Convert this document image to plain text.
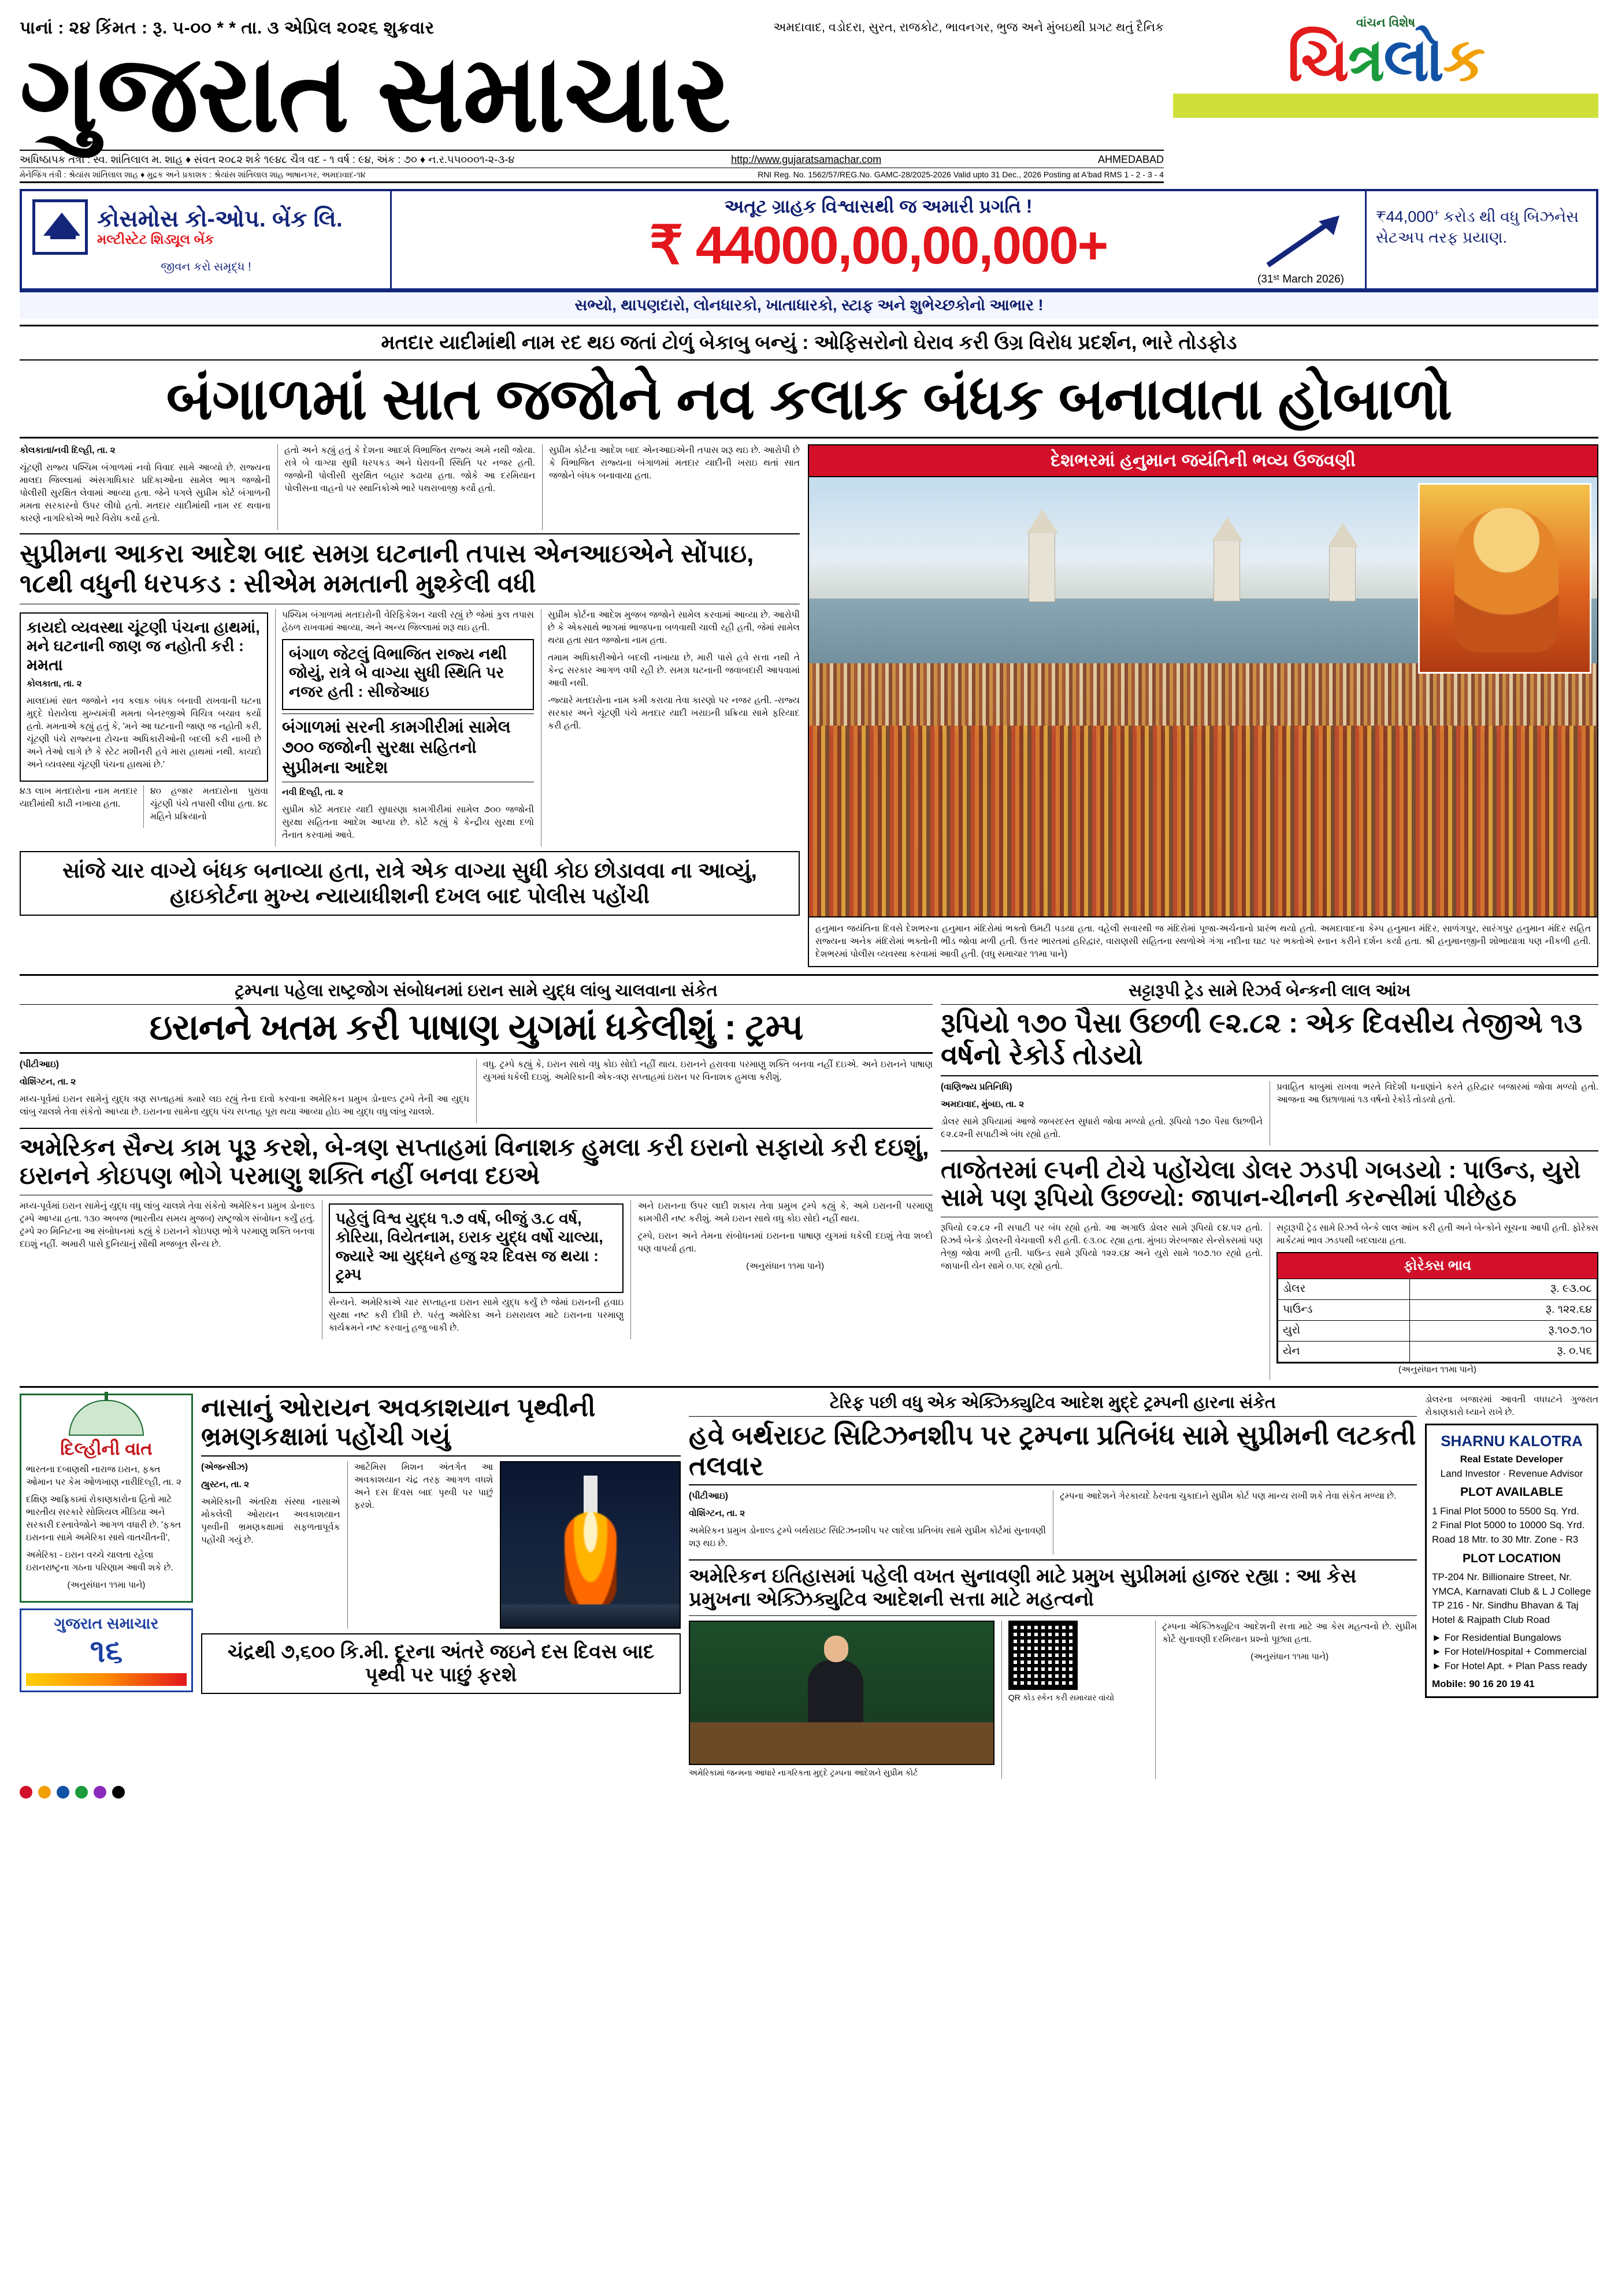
પાનાં : ૨૪ કિંમત : રૂ. ૫-૦૦ * * તા. ૩ એપ્રિલ ૨૦૨૬ શુક્રવાર	અમદાવાદ, વડોદરા, સુરત, રાજકોટ, ભાવનગર, ભુજ અને મુંબઇથી પ્રગટ થતું દૈનિક
ગુજરાત સમાચાર
અધિષ્ઠાપક તંત્રી : સ્વ. શાંતિલાલ મ. શાહ ♦ સંવત ૨૦૮૨ શકે ૧૯૪૮ ચૈત્ર વદ - ૧ વર્ષ : ૯૪, અંક : ૭૦ ♦ ન.ર.૫૫૦૦૦૧-૨-૩-૪	http://www.gujaratsamachar.com	AHMEDABAD
મેનેજિંગ તંત્રી : શ્રેયાંસ શાંતિલાલ શાહ ♦ મુદ્રક અને પ્રકાશક : શ્રેયાંસ શાંતિલાલ શાહ ભાષાનગર, અમદાવાદ-૧૪	RNI Reg. No. 1562/57/REG.No. GAMC-28/2025-2026 Valid upto 31 Dec., 2026 Posting at A'bad RMS 1 - 2 - 3 - 4
વાંચન વિશેષ
ચિત્રલોક
કોસમોસ કો-ઓપ. બેંક લિ.
મલ્ટીસ્ટેટ શિડ્યૂલ બેંક
જીવન કરો સમૃદ્ધ !
અતૂટ ગ્રાહક વિશ્વાસથી જ અમારી પ્રગતિ !
₹ 44000,00,00,000+
(31ˢᵗ March 2026)
₹44,000⁺ કરોડ થી વધુ બિઝનેસ સેટઅપ તરફ પ્રયાણ.
સભ્યો, થાપણદારો, લોનધારકો, ખાતાધારકો, સ્ટાફ અને શુભેચ્છકોનો આભાર !
મતદાર યાદીમાંથી નામ રદ થઇ જતાં ટોળું બેકાબુ બન્યું : ઓફિસરોનો ઘેરાવ કરી ઉગ્ર વિરોધ પ્રદર્શન, ભારે તોડફોડ
બંગાળમાં સાત જજોને નવ કલાક બંધક બનાવાતા હોબાળો

કોલકાતા/નવી દિલ્હી, તા. ૨

ચૂંટણી રાજ્ય પશ્ચિમ બંગાળમાં નવો વિવાદ સામે આવ્યો છે. રાજ્યના માલદા જિલ્લામાં અંસગાધિકાર પ્રદિકાઓના સામેલ ભાગ જજોની પોલીસી સુરક્ષિત લેવામાં આવ્યા હતા. જેને પગલે સુપ્રીમ કોર્ટ બંગાળની મમતા સરકારનો ઉપર લીધો હતો. મતદાર યાદીમાંથી નામ રદ થવાના કારણે નાગરિકોએ ભારે વિરોધ કર્યો હતો.

હતો અને કહ્યું હતું કે દેશના આદર્શ વિભાજિત રાજ્ય અમે નથી જોયા. રાત્રે બે વાગ્યા સુધી ધરપકડ અને ઘેરાવની સ્થિતિ પર નજર હતી. જજોની પોલીસી સુરક્ષિત બહાર કઢાયા હતા. જોકે આ દરમિયાન પોલીસના વાહનો પર સ્થાનિકોએ ભારે પથરાબાજી કર્યો હતો.

સુપ્રીમ કોર્ટના આદેશ બાદ એનઆઇએની તપાસ શરૂ થઇ છે. આરોપી છે કે વિભાજિત રાજ્યના બંગાળમાં મતદાર યાદીની ખરાઇ થતાં સાત જજોને બંધક બનાવાયા હતા.

સુપ્રીમના આકરા આદેશ બાદ સમગ્ર ઘટનાની તપાસ એનઆઇએને સોંપાઇ, ૧૮થી વધુની ધરપકડ : સીએમ મમતાની મુશ્કેલી વધી
કાયદો વ્યવસ્થા ચૂંટણી પંચના હાથમાં, મને ઘટનાની જાણ જ નહોતી કરી : મમતા

કોલકાતા, તા. ૨

માલદામાં સાત જજોને નવ કલાક બંધક બનાવી રાખવાની ઘટના મુદ્દે ઘેરાયેલા મુખ્યમંત્રી મમતા બેનરજીએ વિચિત્ર બચાવ કર્યો હતો. મમતાએ કહ્યું હતું કે, 'મને આ ઘટનાની જાણ જ નહોતી કરી, ચૂંટણી પંચે રાજ્યના ટોચના અધિકારીઓની બદલી કરી નાખી છે અને તેઓ લાગે છે કે સ્ટેટ મશીનરી હવે મારા હાથમાં નથી. કાયદો અને વ્યવસ્થા ચૂંટણી પંચના હાથમાં છે.'

૪૩ લાખ મતદારોના નામ મતદાર યાદીમાંથી કાઢી નખાયા હતા.

૪૦ હજાર મતદારોના પુરાવા ચૂંટણી પંચે તપાસી લીધા હતા. ૪૮ મહિને પ્રક્રિયાનો

પશ્ચિમ બંગાળમાં મતદારોની વેરિફિકેશન ચાલી રહ્યું છે જેમાં કુલ તપાસ હેઠળ રાખવામાં આવ્યા, અને અન્ય જિલ્લામાં શરૂ થઇ હતી.

બંગાળ જેટલું વિભાજિત રાજ્ય નથી જોયું, રાત્રે બે વાગ્યા સુધી સ્થિતિ પર નજર હતી : સીજેઆઇ
બંગાળમાં સરની કામગીરીમાં સામેલ ૭૦૦ જજોની સુરક્ષા સહિતનો સુપ્રીમના આદેશ

નવી દિલ્હી, તા. ૨

સુપ્રીમ કોર્ટે મતદાર યાદી સુધારણા કામગીરીમાં સામેલ ૭૦૦ જજોની સુરક્ષા સહિતના આદેશ આપ્યા છે. કોર્ટે કહ્યું કે કેન્દ્રીય સુરક્ષા દળો તૈનાત કરવામાં આવે.

સુપ્રીમ કોર્ટના આદેશ મુજબ જજોને સામેલ કરવામાં આવ્યા છે. આરોપી છે કે એકસાથે ભાગમાં ભાજપના બળવાથી ચાલી રહી હતી, જેમાં સામેલ થયા હતા સાત જજોના નામ હતા.

તમામ અધિકારીઓને બદલી નખાયા છે, મારી પાસે હવે સત્તા નથી તે કેન્દ્ર સરકાર આગળ વધી રહી છે. સમગ્ર ઘટનાની જવાબદારી આપવામાં આવી નથી.

-જ્યારે મતદારોના નામ કમી કરાયા તેવા કારણો પર નજર હતી. -રાજ્ય સરકાર અને ચૂંટણી પંચે મતદાર યાદી ખરાઇની પ્રક્રિયા સામે ફરિયાદ કરી હતી.

સાંજે ચાર વાગ્યે બંધક બનાવ્યા હતા, રાત્રે એક વાગ્યા સુધી કોઇ છોડાવવા ના આવ્યું, હાઇકોર્ટના મુખ્ય ન્યાયાધીશની દખલ બાદ પોલીસ પહોંચી
દેશભરમાં હનુમાન જયંતિની ભવ્ય ઉજવણી
હનુમાન જયંતિના દિવસે દેશભરના હનુમાન મંદિરોમાં ભક્તો ઉમટી પડયા હતા. વહેલી સવારથી જ મંદિરોમાં પૂજા-અર્ચનાનો પ્રારંભ થયો હતો. અમદાવાદના કેમ્પ હનુમાન મંદિર, સાળંગપુર, સારંગપુર હનુમાન મંદિર સહિત રાજ્યના અનેક મંદિરોમાં ભક્તોની ભીડ જોવા મળી હતી. ઉત્તર ભારતમાં હરિદ્વાર, વારાણસી સહિતના સ્થળોએ ગંગા નદીના ઘાટ પર ભક્તોએ સ્નાન કરીને દર્શન કર્યા હતા. શ્રી હનુમાનજીની શોભાયાત્રા પણ નીકળી હતી. દેશભરમાં પોલીસ વ્યવસ્થા કરવામાં આવી હતી. (વધુ સમાચાર ૧૧મા પાને)
ટ્રમ્પના પહેલા રાષ્ટ્રજોગ સંબોધનમાં ઇરાન સામે યુદ્ધ લાંબુ ચાલવાના સંકેત
ઇરાનને ખતમ કરી પાષાણ યુગમાં ધકેલીશું : ટ્રમ્પ

(પીટીઆઇ)

વોશિંગ્ટન, તા. ૨

મધ્ય-પૂર્વમાં ઇરાન સામેનું યુદ્ધ ત્રણ સપ્તાહમાં ક્યારે લઇ રહ્યું તેના દાવો કરવાના અમેરિકન પ્રમુખ ડોનાલ્ડ ટ્રમ્પે તેની આ યુદ્ધ લાંબુ ચાલશે તેવા સંકેતો આપ્યા છે. ઇરાનના સામેના યુદ્ધ પંચ સપ્તાહ પૂરા થયા આવ્યા હોઇ આ યુદ્ધ વધુ લાંબુ ચાલશે.

વધુ. ટ્રમ્પે કહ્યું કે, ઇરાન સાથે વધુ કોઇ સોદો નહીં થાય. ઇરાનને હરાવવા પરમાણુ શક્તિ બનવા નહીં દઇએ. અને ઇરાનને પાષાણ યુગમાં ધકેલી દઇશું. અમેરિકાની એક-ત્રણ સપ્તાહમાં ઇરાન પર વિનાશક હુમલા કરીશું.

અમેરિકન સૈન્ય કામ પૂરૂ કરશે, બે-ત્રણ સપ્તાહમાં વિનાશક હુમલા કરી ઇરાનો સફાયો કરી દઇશું, ઇરાનને કોઇપણ ભોગે પરમાણુ શક્તિ નહીં બનવા દઇએ

મધ્ય-પૂર્વમાં ઇરાન સામેનું યુદ્ધ વધુ લાંબુ ચાલશે તેવા સંકેતો અમેરિકન પ્રમુખ ડોનાલ્ડ ટ્રમ્પે આપ્યા હતા. ૧૩૦ અબજ (ભારતીય સમય મુજબ) રાષ્ટ્રજોગ સંબોધન કર્યું હતું. ટ્રમ્પે ૨૦ મિનિટના આ સંબોધનમાં કહ્યું કે ઇરાનને કોઇપણ ભોગે પરમાણુ શક્તિ બનવા દઇશું નહીં. અમારી પાસે દુનિયાનું સૌથી મજબૂત સૈન્ય છે.

પહેલું વિશ્વ યુદ્ધ ૧.૭ વર્ષ, બીજું ૩.૮ વર્ષ, કોરિયા, વિયેતનામ, ઇરાક યુદ્ધ વર્ષો ચાલ્યા, જ્યારે આ યુદ્ધને હજુ ૨૨ દિવસ જ થયા : ટ્રમ્પ

સૈન્યને. અમેરિકાએ ચાર સપ્તાહના ઇરાન સામે યુદ્ધ કર્યું છે જેમાં ઇરાનની હવાઇ સુરક્ષા નષ્ટ કરી દીધી છે. પરંતુ અમેરિકા અને ઇસરાયલ માટે ઇરાનના પરમાણુ કાર્યક્રમને નષ્ટ કરવાનું હજુ બાકી છે.

અને ઇરાનના ઉપર લાદી શકાય તેવા પ્રમુખ ટ્રમ્પે કહ્યું કે, અમે ઇરાનની પરમાણુ કામગીરી નષ્ટ કરીશું. અમે ઇરાન સાથે વધુ કોઇ સોદો નહીં થાય.

ટ્રમ્પે, ઇરાન અને તેમના સંબોધનમાં ઇરાનના પાષાણ યુગમાં ધકેલી દઇશું તેવા શબ્દો પણ વાપર્યા હતા.

(અનુસંધાન ૧૧મા પાને)

સટ્ટારૂપી ટ્રેડ સામે રિઝર્વ બેન્કની લાલ આંખ
રૂપિયો ૧૭૦ પૈસા ઉછળી ૯૨.૮૨ : એક દિવસીય તેજીએ ૧૩ વર્ષનો રેકોર્ડ તોડયો

(વાણિજ્ય પ્રતિનિધિ)

અમદાવાદ, મુંબઇ, તા. ૨

ડોલર સામે રૂપિયામાં આજે જબરદસ્ત સુધારો જોવા મળ્યો હતો. રૂપિયો ૧૭૦ પૈસા ઉછળીને ૯૨.૮૨ની સપાટીએ બંધ રહ્યો હતો.

પ્રવાહિત કાબુમાં રાખવા ભરતે વિદેશી ધનાણાંને કરતે હરિદ્વાર બજારમાં જોવા મળ્યો હતો. આજના આ ઉછાળામાં ૧૩ વર્ષનો રેકોર્ડ તોડયો હતો.

તાજેતરમાં ૯૫ની ટોચે પહોંચેલા ડોલર ઝડપી ગબડયો : પાઉન્ડ, યુરો સામે પણ રૂપિયો ઉછળ્યો: જાપાન-ચીનની કરન્સીમાં પીછેહઠ

રૂપિયો ૯૨.૮૨ ની સપાટી પર બંધ રહ્યો હતો. આ અગાઉ ડોલર સામે રૂપિયો ૯૪.૫૨ હતો. રિઝર્વ બેન્કે ડોલરની વેચવાલી કરી હતી. ૯૩.૦૮ રહ્યા હતા. મુંબઇ શેરબજાર સેન્સેક્સમાં પણ તેજી જોવા મળી હતી. પાઉન્ડ સામે રૂપિયો ૧૨૨.૬૪ અને યુરો સામે ૧૦૭.૧૦ રહ્યો હતો. જાપાની યેન સામે ૦.૫૬ રહ્યો હતો.

સટ્ટારૂપી ટ્રેડ સામે રિઝર્વ બેન્કે લાલ આંખ કરી હતી અને બેન્કોને સૂચના આપી હતી. ફોરેક્સ માર્કેટમાં ભાવ ઝડપથી બદલાયા હતા.

ફોરેક્સ ભાવ
ડોલર	રૂ. ૯૩.૦૮
પાઉન્ડ	રૂ. ૧૨૨.૬૪
યુરો	રૂ.૧૦૭.૧૦
યેન	રૂ. ૦.૫૬

(અનુસંધાન ૧૧મા પાને)

દિલ્હીની વાત

ભારતના દબાણથી નારાજ ઇરાન, ફક્ત ઓમાન પર કેમ ઓળખાણ નારીદિલ્હી, તા. ૨

દક્ષિણ આફ્રિકામાં રોકાણકારોના હિતો માટે ભારતીય સરકારે સોશિયલ મીડિયા અને સરકારી દસ્તાવેજોને આગળ વધારી છે. 'ફક્ત ઇરાનના સામે અમેરિકા સાથે વાતચીતની',

અમેરિકા - ઇરાન વચ્ચે ચાલતા રહેલા ઇરાનરાષ્ટ્રના ગઠના પરિણામ આવી શકે છે.

(અનુસંધાન ૧૧મા પાને)

ગુજરાત સમાચાર
૧૬
નાસાનું ઓરાયન અવકાશયાન પૃથ્વીની ભ્રમણકક્ષામાં પહોંચી ગયું

(એજન્સીઝ)

હ્યુસ્ટન, તા. ૨

અમેરિકાની અંતરિક્ષ સંસ્થા નાસાએ મોકલેલી ઓરાયન અવકાશયાન પૃથ્વીની ભ્રમણકક્ષામાં સફળતાપૂર્વક પહોંચી ગયું છે.

આર્ટેમિસ મિશન અંતર્ગત આ અવકાશયાન ચંદ્ર તરફ આગળ વધશે અને દસ દિવસ બાદ પૃથ્વી પર પાછું ફરશે.

ચંદ્રથી ૭,૬૦૦ કિ.મી. દૂરના અંતરે જઇને દસ દિવસ બાદ પૃથ્વી પર પાછું ફરશે
ટેરિફ પછી વધુ એક એક્ઝિક્યુટિવ આદેશ મુદ્દે ટ્રમ્પની હારના સંકેત
હવે બર્થરાઇટ સિટિઝનશીપ પર ટ્રમ્પના પ્રતિબંધ સામે સુપ્રીમની લટકતી તલવાર

(પીટીઆઇ)

વોશિંગ્ટન, તા. ૨

અમેરિકન પ્રમુખ ડોનાલ્ડ ટ્રમ્પે બર્થરાઇટ સિટિઝનશીપ પર લાદેલા પ્રતિબંધ સામે સુપ્રીમ કોર્ટમાં સુનાવણી શરૂ થઇ છે.

ટ્રમ્પના આદેશને ગેરકાયદે ઠેરવતા ચુકાદાને સુપ્રીમ કોર્ટ પણ માન્ય રાખી શકે તેવા સંકેત મળ્યા છે.

અમેરિકન ઇતિહાસમાં પહેલી વખત સુનાવણી માટે પ્રમુખ સુપ્રીમમાં હાજર રહ્યા : આ કેસ પ્રમુખના એક્ઝિક્યુટિવ આદેશની સત્તા માટે મહત્વનો
અમેરિકામાં જન્મના આધારે નાગરિકતા મુદ્દે ટ્રમ્પના આદેશને સુપ્રીમ કોર્ટ
QR કોડ સ્કેન કરી સમાચાર વાંચો

ટ્રમ્પના એક્ઝિક્યુટિવ આદેશની સત્તા માટે આ કેસ મહત્વનો છે. સુપ્રીમ કોર્ટે સુનાવણી દરમિયાન પ્રશ્નો પૂછ્યા હતા.

(અનુસંધાન ૧૧મા પાને)

ડોલરના બજારમાં આવતી વધઘટને ગુજરાત રોકાણકારો ધ્યાને રાખે છે.

SHARNU KALOTRA
Real Estate Developer
Land Investor · Revenue Advisor
PLOT AVAILABLE
1 Final Plot 5000 to 5500 Sq. Yrd.
2 Final Plot 5000 to 10000 Sq. Yrd.
Road 18 Mtr. to 30 Mtr. Zone - R3
PLOT LOCATION
TP-204 Nr. Billionaire Street, Nr. YMCA, Karnavati Club & L J College
TP 216 - Nr. Sindhu Bhavan & Taj Hotel & Rajpath Club Road
► For Residential Bungalows
► For Hotel/Hospital + Commercial
► For Hotel Apt. + Plan Pass ready
Mobile: 90 16 20 19 41
